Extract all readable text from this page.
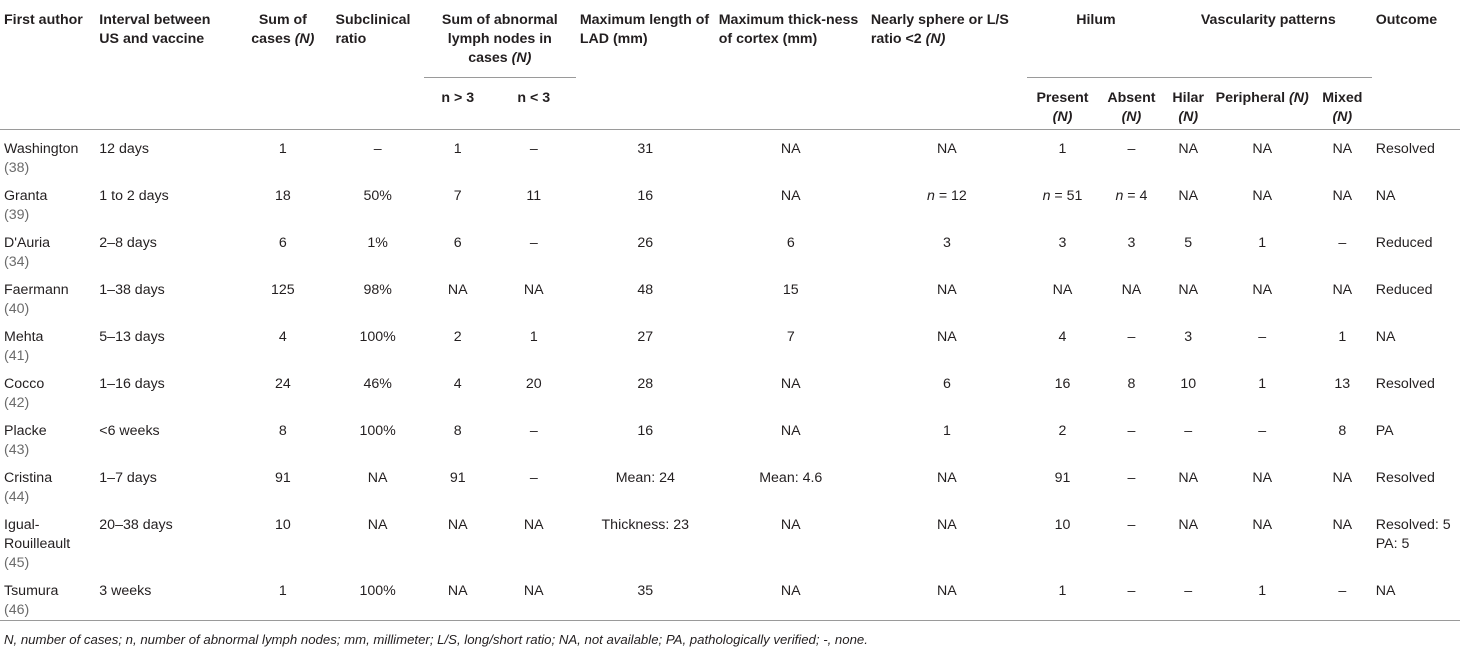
First author	Interval between US and vaccine	Sum of cases (N)	Subclinical ratio	Sum of abnormal lymph nodes in cases (N)		Maximum length of LAD (mm)	Maximum thick-ness of cortex (mm)	Nearly sphere or L/S ratio <2 (N)	Hilum		Vascularity patterns			Outcome
				n > 3	n < 3				Present (N)	Absent (N)	Hilar (N)	Peripheral (N)	Mixed (N)	
Washington
(38)	12 days	1	–	1	–	31	NA	NA	1	–	NA	NA	NA	Resolved
Granta
(39)	1 to 2 days	18	50%	7	11	16	NA	n = 12	n = 51	n = 4	NA	NA	NA	NA
D'Auria
(34)	2–8 days	6	1%	6	–	26	6	3	3	3	5	1	–	Reduced
Faermann
(40)	1–38 days	125	98%	NA	NA	48	15	NA	NA	NA	NA	NA	NA	Reduced
Mehta
(41)	5–13 days	4	100%	2	1	27	7	NA	4	–	3	–	1	NA
Cocco
(42)	1–16 days	24	46%	4	20	28	NA	6	16	8	10	1	13	Resolved
Placke
(43)	<6 weeks	8	100%	8	–	16	NA	1	2	–	–	–	8	PA
Cristina
(44)	1–7 days	91	NA	91	–	Mean: 24	Mean: 4.6	NA	91	–	NA	NA	NA	Resolved
Igual-Rouilleault
(45)	20–38 days	10	NA	NA	NA	Thickness: 23	NA	NA	10	–	NA	NA	NA	Resolved: 5 PA: 5
Tsumura
(46)	3 weeks	1	100%	NA	NA	35	NA	NA	1	–	–	1	–	NA
N, number of cases; n, number of abnormal lymph nodes; mm, millimeter; L/S, long/short ratio; NA, not available; PA, pathologically verified; -, none.														
